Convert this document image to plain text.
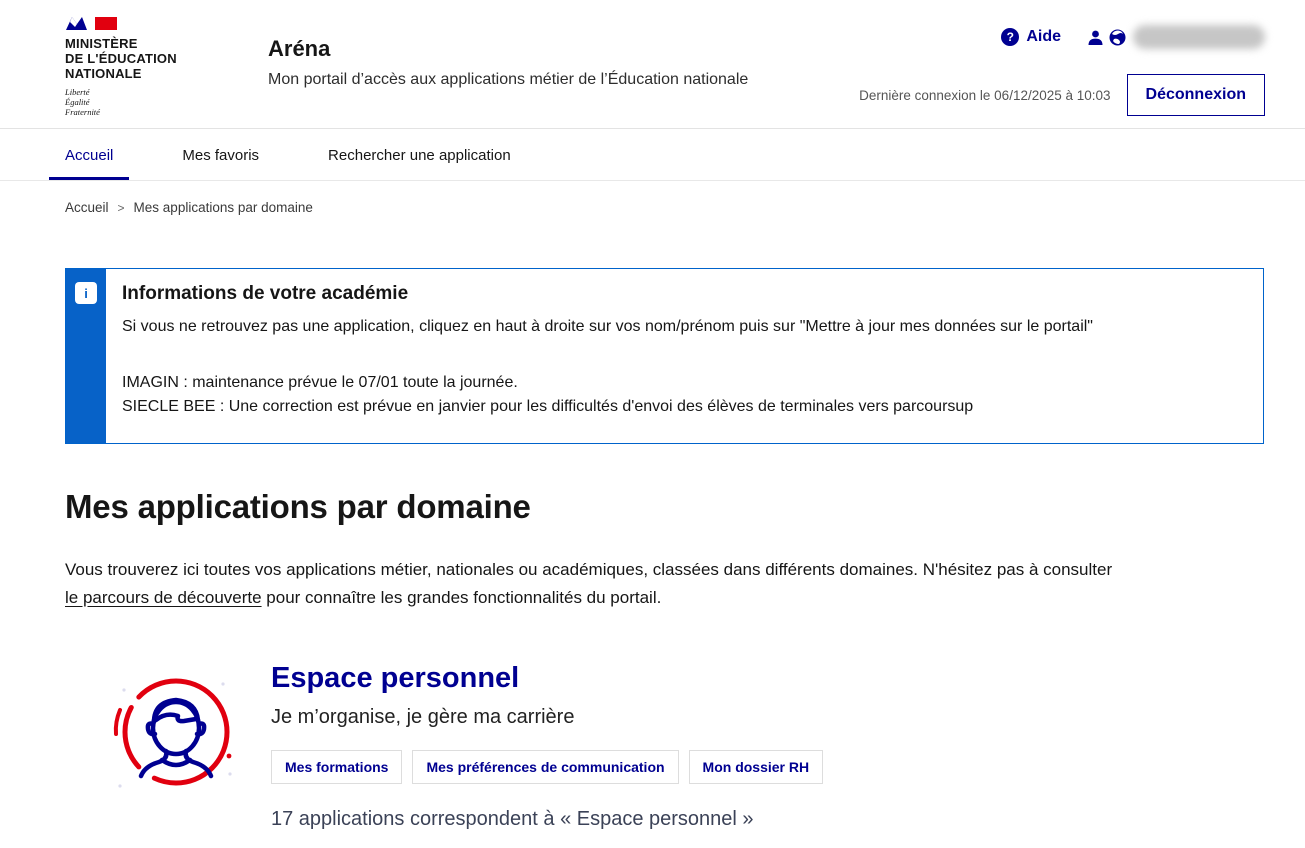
MINISTÈRE
DE L'ÉDUCATION
NATIONALE
Liberté
Égalité
Fraternité
Aréna
Mon portail d’accès aux applications métier de l’Éducation nationale
? Aide
Dernière connexion le 06/12/2025 à 10:03	Déconnexion
Accueil	Mes favoris	Rechercher une application
Accueil > Mes applications par domaine
i	Informations de votre académie

Si vous ne retrouvez pas une application, cliquez en haut à droite sur vos nom/prénom puis sur "Mettre à jour mes données sur le portail"

IMAGIN : maintenance prévue le 07/01 toute la journée.

SIECLE BEE : Une correction est prévue en janvier pour les difficultés d'envoi des élèves de terminales vers parcoursup

Mes applications par domaine

Vous trouverez ici toutes vos applications métier, nationales ou académiques, classées dans différents domaines. N'hésitez pas à consulter
le parcours de découverte pour connaître les grandes fonctionnalités du portail.

Espace personnel
Je m’organise, je gère ma carrière
Mes formations	Mes préférences de communication	Mon dossier RH
17 applications correspondent à « Espace personnel »
